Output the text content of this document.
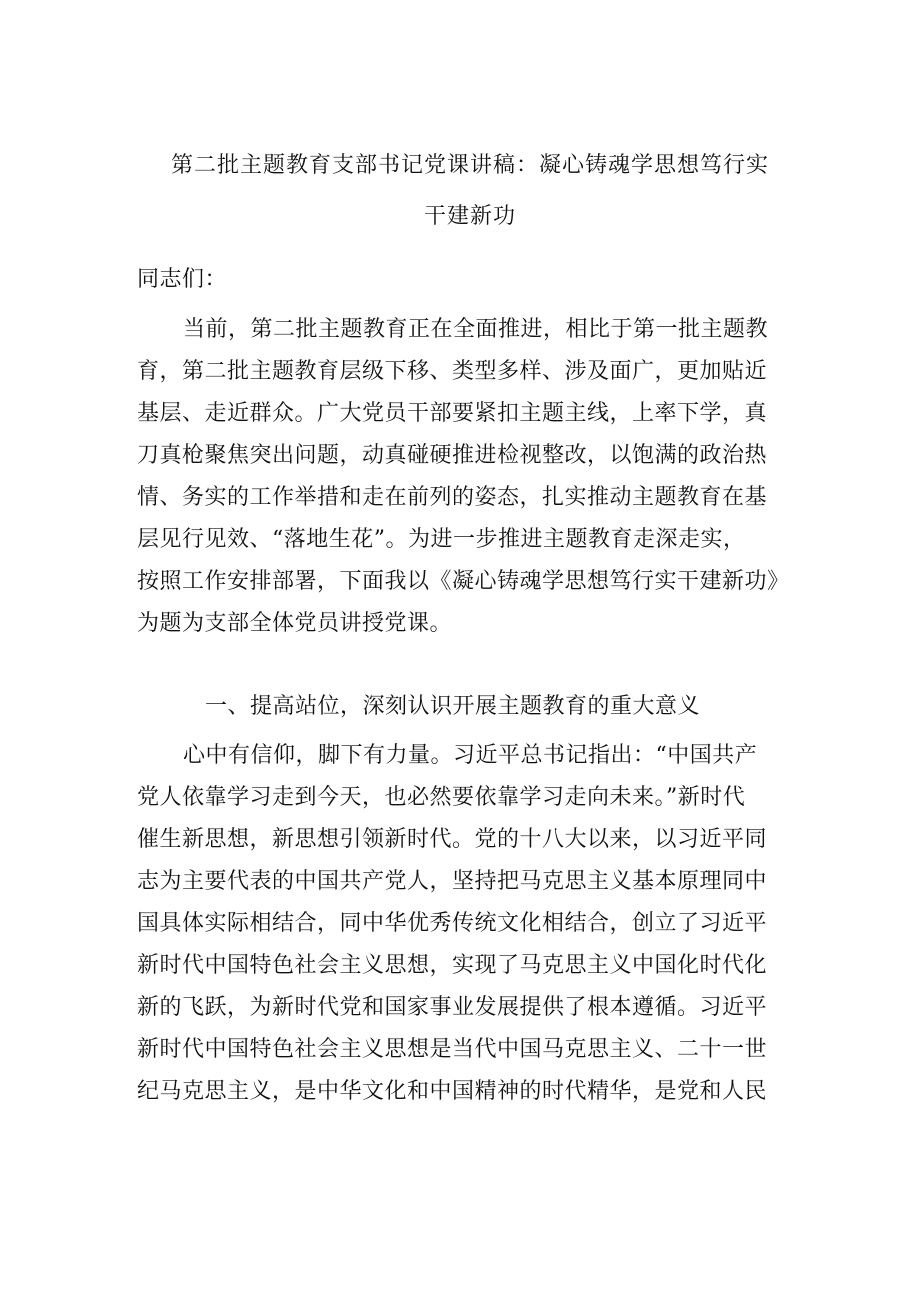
第二批主题教育支部书记党课讲稿：凝心铸魂学思想笃行实
干建新功
同志们：
当前，第二批主题教育正在全面推进，相比于第一批主题教
育，第二批主题教育层级下移、类型多样、涉及面广，更加贴近
基层、走近群众。广大党员干部要紧扣主题主线，上率下学，真
刀真枪聚焦突出问题，动真碰硬推进检视整改，以饱满的政治热
情、务实的工作举措和走在前列的姿态，扎实推动主题教育在基
层见行见效、“落地生花”。为进一步推进主题教育走深走实，
按照工作安排部署，下面我以《凝心铸魂学思想笃行实干建新功》
为题为支部全体党员讲授党课。
一、提高站位，深刻认识开展主题教育的重大意义
心中有信仰，脚下有力量。习近平总书记指出：“中国共产
党人依靠学习走到今天，也必然要依靠学习走向未来。”新时代
催生新思想，新思想引领新时代。党的十八大以来，以习近平同
志为主要代表的中国共产党人，坚持把马克思主义基本原理同中
国具体实际相结合，同中华优秀传统文化相结合，创立了习近平
新时代中国特色社会主义思想，实现了马克思主义中国化时代化
新的飞跃，为新时代党和国家事业发展提供了根本遵循。习近平
新时代中国特色社会主义思想是当代中国马克思主义、二十一世
纪马克思主义，是中华文化和中国精神的时代精华，是党和人民
